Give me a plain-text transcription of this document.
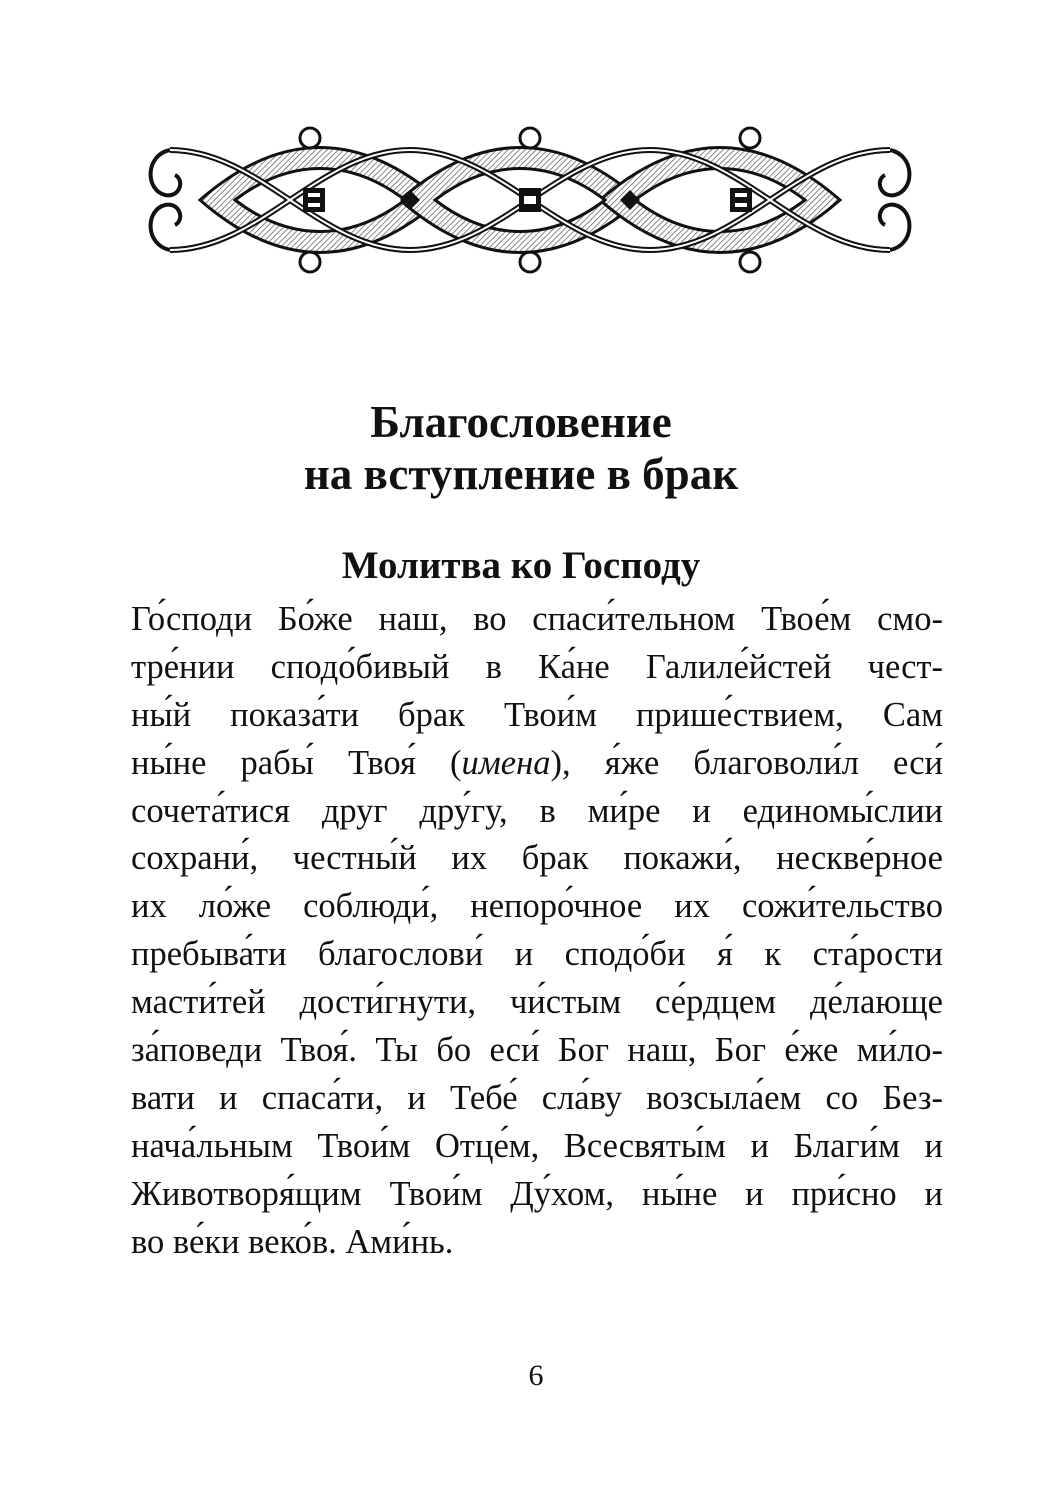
Благословение
на вступление в брак
Молитва ко Господу
Го́споди Бо́же наш, во спаси́тельном Твое́м смо-
тре́нии сподо́бивый в Ка́не Галиле́йстей чест-
ны́й показа́ти брак Твои́м прише́ствием, Сам
ны́не рабы́ Твоя́ (имена), я́же благоволи́л еси́
сочета́тися друг дру́гу, в ми́ре и единомы́слии
сохрани́, честны́й их брак покажи́, нескве́рное
их ло́же соблюди́, непоро́чное их сожи́тельство
пребыва́ти благослови́ и сподо́би я́ к ста́рости
масти́тей дости́гнути, чи́стым се́рдцем де́лающе
за́поведи Твоя́. Ты бо еси́ Бог наш, Бог е́же ми́ло-
вати и спаса́ти, и Тебе́ сла́ву возсыла́ем со Без-
нача́льным Твои́м Отце́м, Всесвяты́м и Благи́м и
Животворя́щим Твои́м Ду́хом, ны́не и при́сно и
во ве́ки веко́в. Ами́нь.
6
